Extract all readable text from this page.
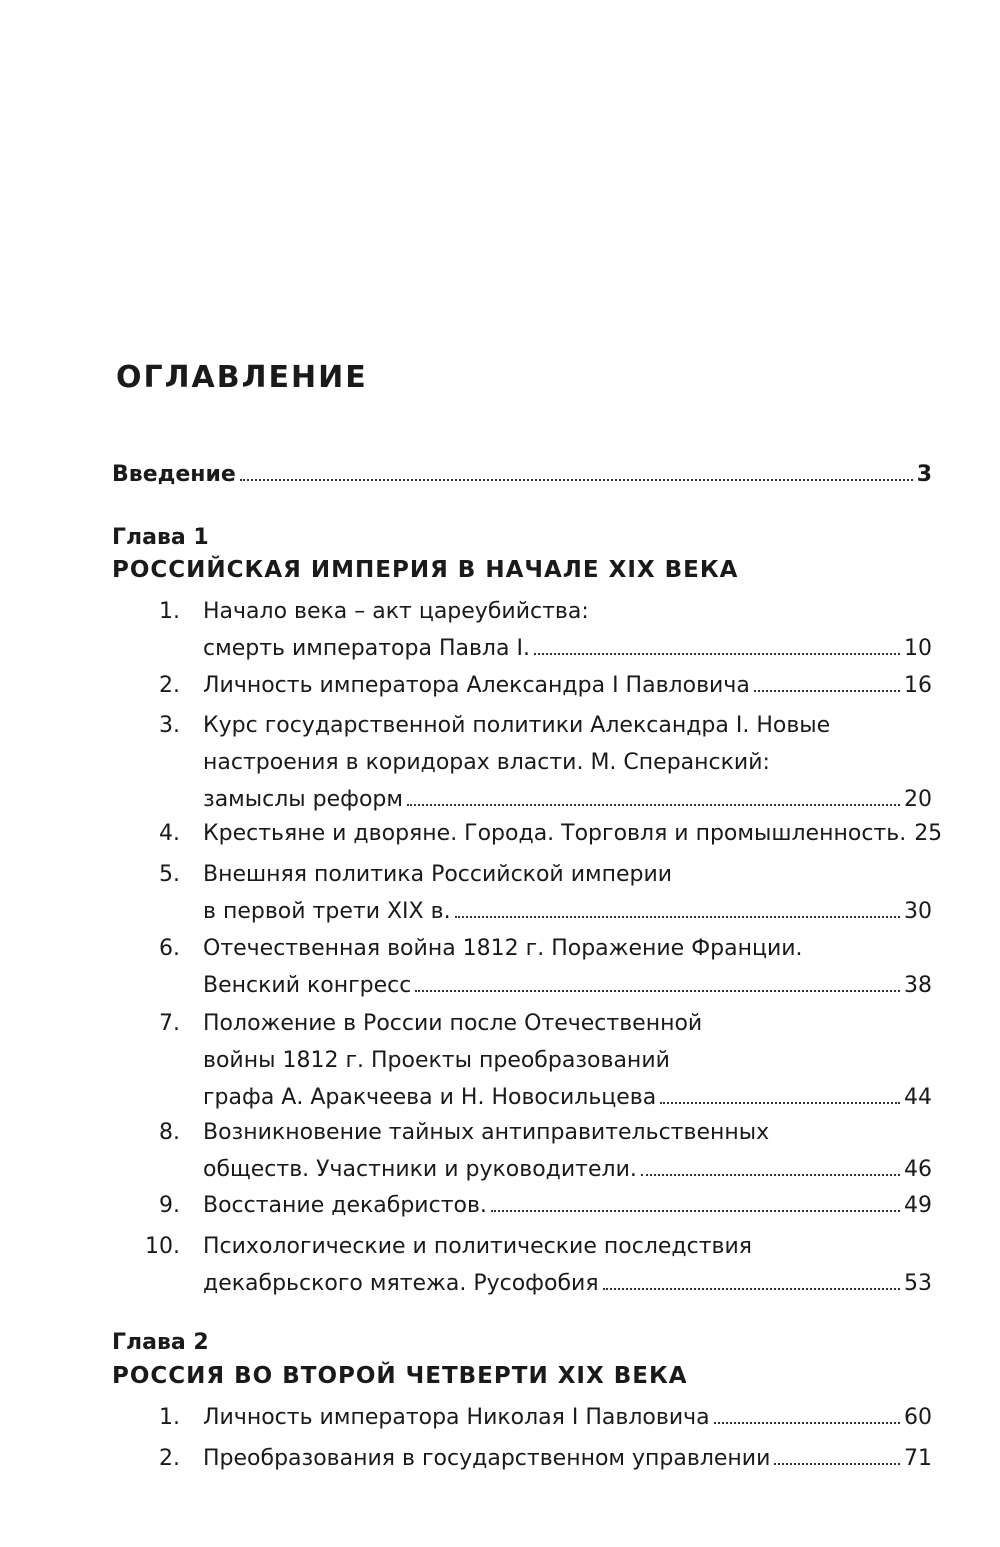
ОГЛАВЛЕНИЕ
Введение	3
Глава 1
РОССИЙСКАЯ ИМПЕРИЯ В НАЧАЛЕ XIX ВЕКА
1. Начало века – акт цареубийства:
смерть императора Павла I.	10
2. Личность императора Александра I Павловича	16
3. Курс государственной политики Александра I. Новые
настроения в коридорах власти. М. Сперанский:
замыслы реформ	20
4. Крестьяне и дворяне. Города. Торговля и промышленность. 25
5. Внешняя политика Российской империи
в первой трети XIX в.	30
6. Отечественная война 1812 г. Поражение Франции.
Венский конгресс	38
7. Положение в России после Отечественной
войны 1812 г. Проекты преобразований
графа А. Аракчеева и Н. Новосильцева	44
8. Возникновение тайных антиправительственных
обществ. Участники и руководители.	46
9. Восстание декабристов.	49
10. Психологические и политические последствия
декабрьского мятежа. Русофобия	53
Глава 2
РОССИЯ ВО ВТОРОЙ ЧЕТВЕРТИ XIX ВЕКА
1. Личность императора Николая I Павловича	60
2. Преобразования в государственном управлении	71
